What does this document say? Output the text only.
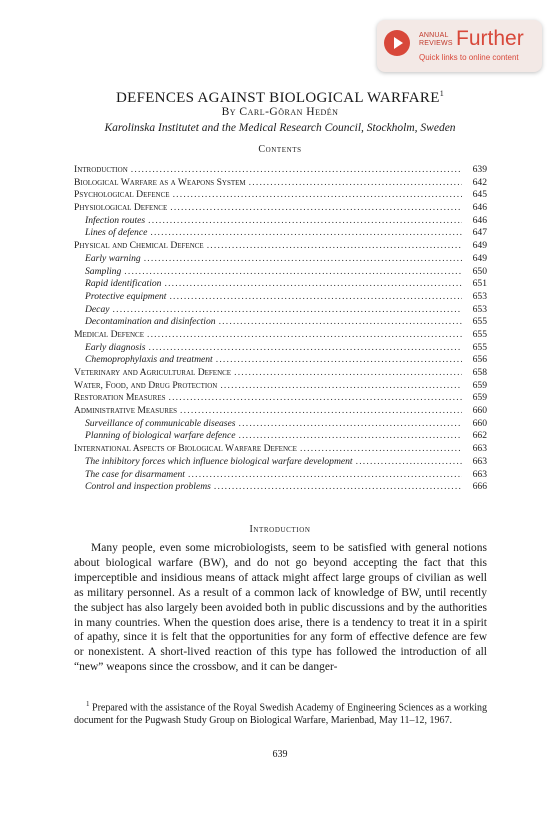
ANNUAL
REVIEWS Further
Quick links to online content
DEFENCES AGAINST BIOLOGICAL WARFARE$^1$
By Carl-Göran Hedén
Karolinska Institutet and the Medical Research Council, Stockholm, Sweden
Contents
Introduction . . .	639
Biological Warfare as a Weapons System . . .	642
Psychological Defence . . .	645
Physiological Defence . . .	646
Infection routes . . .	646
Lines of defence . . .	647
Physical and Chemical Defence . . .	649
Early warning . . .	649
Sampling . . .	650
Rapid identification . . .	651
Protective equipment . . .	653
Decay . . .	653
Decontamination and disinfection . . .	655
Medical Defence . . .	655
Early diagnosis . . .	655
Chemoprophylaxis and treatment . . .	656
Veterinary and Agricultural Defence . . .	658
Water, Food, and Drug Protection . . .	659
Restoration Measures . . .	659
Administrative Measures . . .	660
Surveillance of communicable diseases . . .	660
Planning of biological warfare defence . . .	662
International Aspects of Biological Warfare Defence . . .	663
The inhibitory forces which influence biological warfare development . . .	663
The case for disarmament . . .	663
Control and inspection problems . . .	666
Introduction

Many people, even some microbiologists, seem to be satisfied with general notions about biological warfare (BW), and do not go beyond accepting the fact that this imperceptible and insidious means of attack might affect large groups of civilian as well as military personnel. As a result of a common lack of knowledge of BW, until recently the subject has also largely been avoided both in public discussions and by the authorities in many countries. When the question does arise, there is a tendency to treat it in a spirit of apathy, since it is felt that the opportunities for any form of effective defence are few or nonexistent. A short-lived reaction of this type has followed the introduction of all “new” weapons since the crossbow, and it can be danger-

$^1$ Prepared with the assistance of the Royal Swedish Academy of Engineering Sciences as a working document for the Pugwash Study Group on Biological Warfare, Marienbad, May 11–12, 1967.

639
